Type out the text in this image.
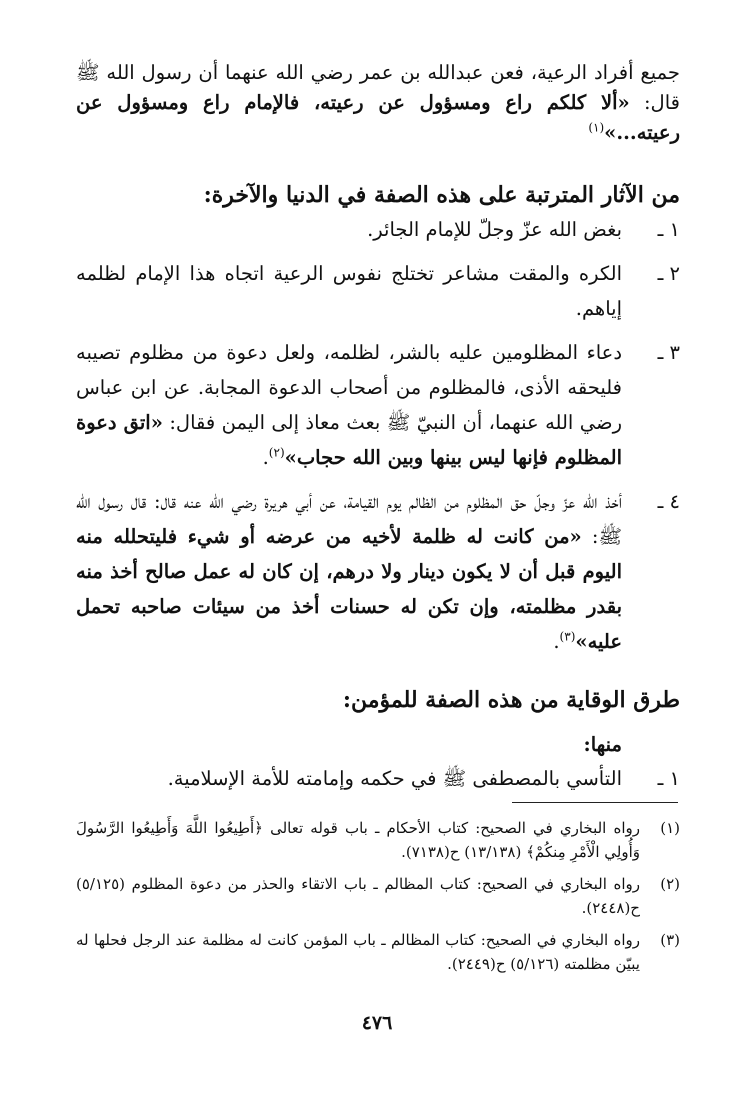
جميع أفراد الرعية، فعن عبدالله بن عمر رضي الله عنهما أن رسول الله ﷺ قال: «ألا كلكم راع ومسؤول عن رعيته، فالإمام راع ومسؤول عن رعيته...»$^{(١)}$

من الآثار المترتبة على هذه الصفة في الدنيا والآخرة:
١ ـ
بغض الله عزّ وجلّ للإمام الجائر.
٢ ـ
الكره والمقت مشاعر تختلج نفوس الرعية اتجاه هذا الإمام لظلمه إياهم.
٣ ـ
دعاء المظلومين عليه بالشر، لظلمه، ولعل دعوة من مظلوم تصيبه فليحقه الأذى، فالمظلوم من أصحاب الدعوة المجابة. عن ابن عباس رضي الله عنهما، أن النبيّ ﷺ بعث معاذ إلى اليمن فقال: «اتق دعوة المظلوم فإنها ليس بينها وبين الله حجاب»$^{(٢)}$.
٤ ـ
أخذ الله عزّ وجلّ حق المظلوم من الظالم يوم القيامة، عن أبي هريرة رضي الله عنه قال: قال رسول الله ﷺ: «من كانت له ظلمة لأخيه من عرضه أو شيء فليتحلله منه اليوم قبل أن لا يكون دينار ولا درهم، إن كان له عمل صالح أخذ منه بقدر مظلمته، وإن تكن له حسنات أخذ من سيئات صاحبه تحمل عليه»$^{(٣)}$.
طرق الوقاية من هذه الصفة للمؤمن:

منها:

١ ـ
التأسي بالمصطفى ﷺ في حكمه وإمامته للأمة الإسلامية.
(١)
رواه البخاري في الصحيح: كتاب الأحكام ـ باب قوله تعالى ﴿أَطِيعُوا اللَّهَ وَأَطِيعُوا الرَّسُولَ وَأُولِي الْأَمْرِ مِنكُمْ﴾ (١٣/١٣٨) ح(٧١٣٨).
(٢)
رواه البخاري في الصحيح: كتاب المظالم ـ باب الاتقاء والحذر من دعوة المظلوم (٥/١٢٥) ح(٢٤٤٨).
(٣)
رواه البخاري في الصحيح: كتاب المظالم ـ باب المؤمن كانت له مظلمة عند الرجل فحلها له يبيّن مظلمته (٥/١٢٦) ح(٢٤٤٩).
٤٧٦
